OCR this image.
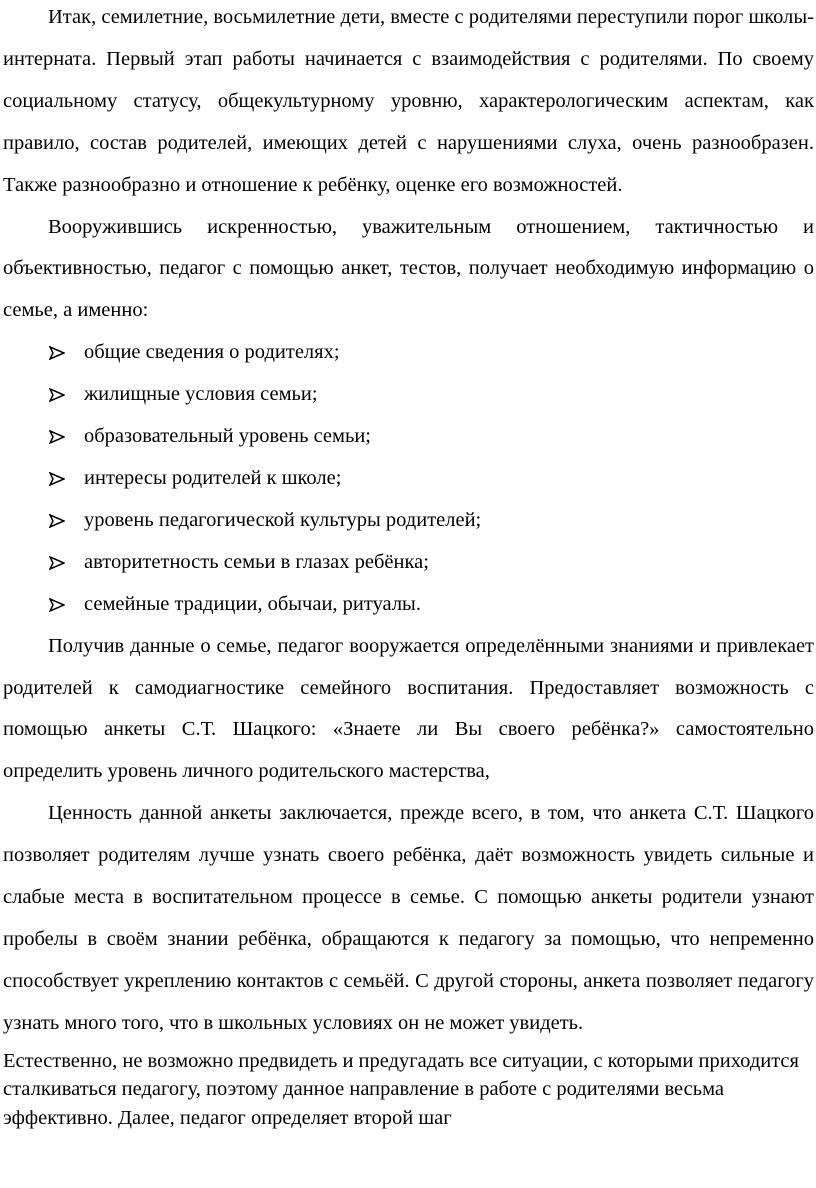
Итак, семилетние, восьмилетние дети, вместе с родителями переступили порог школы-интерната. Первый этап работы начинается с взаимодействия с родителями. По своему социальному статусу, общекультурному уровню, характерологическим аспектам, как правило, состав родителей, имеющих детей с нарушениями слуха, очень разнообразен. Также разнообразно и отношение к ребёнку, оценке его возможностей.

Вооружившись искренностью, уважительным отношением, тактичностью и объективностью, педагог с помощью анкет, тестов, получает необходимую информацию о семье, а именно:

общие сведения о родителях;
жилищные условия семьи;
образовательный уровень семьи;
интересы родителей к школе;
уровень педагогической культуры родителей;
авторитетность семьи в глазах ребёнка;
семейные традиции, обычаи, ритуалы.

Получив данные о семье, педагог вооружается определёнными знаниями и привлекает родителей к самодиагностике семейного воспитания. Предоставляет возможность с помощью анкеты С.Т. Шацкого: «Знаете ли Вы своего ребёнка?» самостоятельно определить уровень личного родительского мастерства,

Ценность данной анкеты заключается, прежде всего, в том, что анкета С.Т. Шацкого позволяет родителям лучше узнать своего ребёнка, даёт возможность увидеть сильные и слабые места в воспитательном процессе в семье. С помощью анкеты родители узнают пробелы в своём знании ребёнка, обращаются к педагогу за помощью, что непременно способствует укреплению контактов с семьёй. С другой стороны, анкета позволяет педагогу узнать много того, что в школьных условиях он не может увидеть.

Естественно, не возможно предвидеть и предугадать все ситуации, с которыми приходится сталкиваться педагогу, поэтому данное направление в работе с родителями весьма эффективно. Далее, педагог определяет второй шаг
